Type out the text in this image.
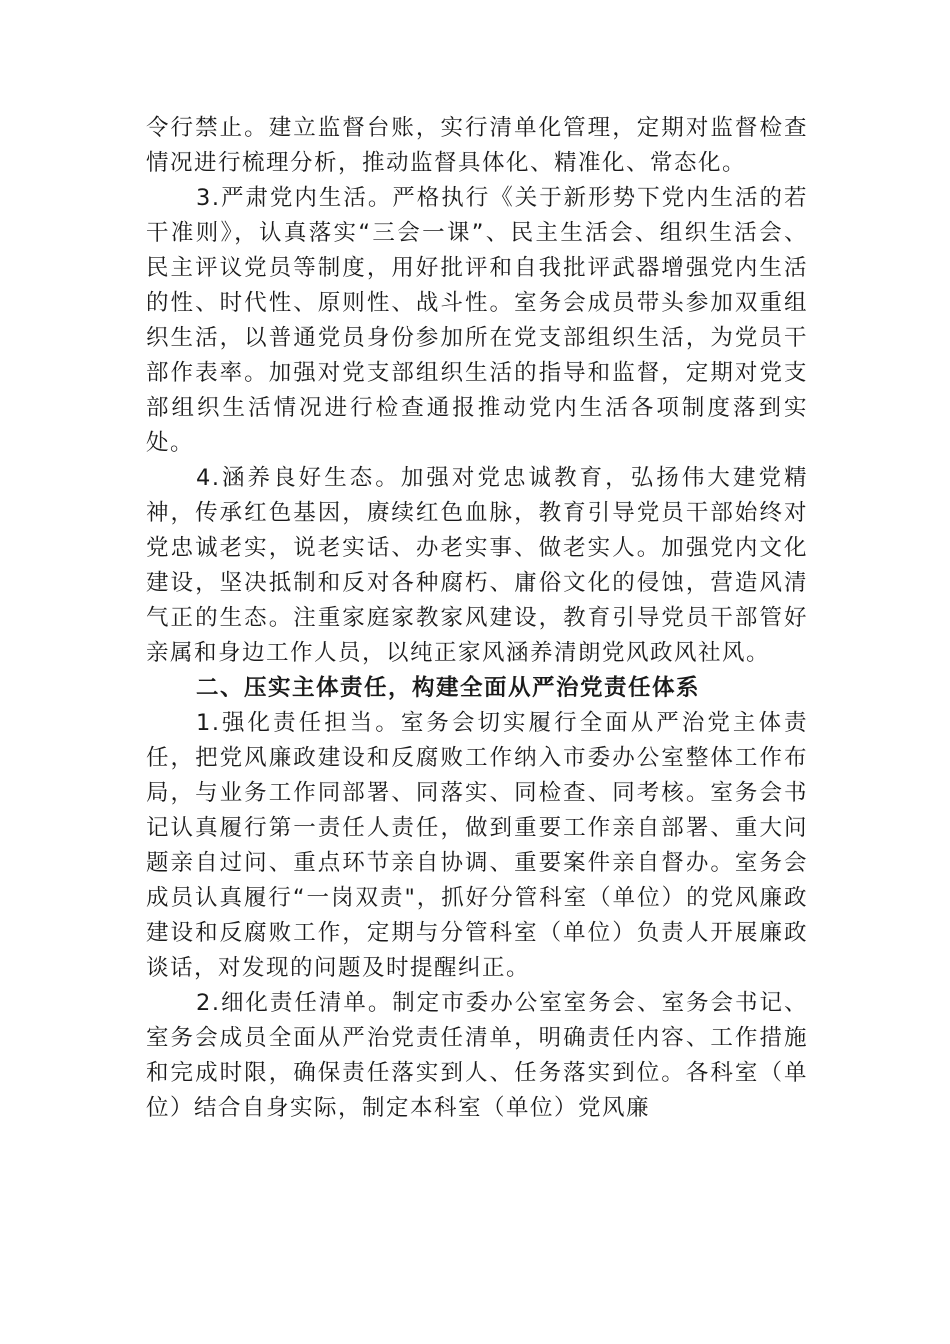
令行禁止。建立监督台账，实行清单化管理，定期对监督检查情况进行梳理分析，推动监督具体化、精准化、常态化。

3.严肃党内生活。严格执行《关于新形势下党内生活的若干准则》，认真落实“三会一课”、民主生活会、组织生活会、民主评议党员等制度，用好批评和自我批评武器增强党内生活的性、时代性、原则性、战斗性。室务会成员带头参加双重组织生活，以普通党员身份参加所在党支部组织生活，为党员干部作表率。加强对党支部组织生活的指导和监督，定期对党支部组织生活情况进行检查通报推动党内生活各项制度落到实处。

4.涵养良好生态。加强对党忠诚教育，弘扬伟大建党精神，传承红色基因，赓续红色血脉，教育引导党员干部始终对党忠诚老实，说老实话、办老实事、做老实人。加强党内文化建设，坚决抵制和反对各种腐朽、庸俗文化的侵蚀，营造风清气正的生态。注重家庭家教家风建设，教育引导党员干部管好亲属和身边工作人员，以纯正家风涵养清朗党风政风社风。

二、压实主体责任，构建全面从严治党责任体系

1.强化责任担当。室务会切实履行全面从严治党主体责任，把党风廉政建设和反腐败工作纳入市委办公室整体工作布局，与业务工作同部署、同落实、同检查、同考核。室务会书记认真履行第一责任人责任，做到重要工作亲自部署、重大问题亲自过问、重点环节亲自协调、重要案件亲自督办。室务会成员认真履行“一岗双责"，抓好分管科室（单位）的党风廉政建设和反腐败工作，定期与分管科室（单位）负责人开展廉政谈话，对发现的问题及时提醒纠正。

2.细化责任清单。制定市委办公室室务会、室务会书记、室务会成员全面从严治党责任清单，明确责任内容、工作措施和完成时限，确保责任落实到人、任务落实到位。各科室（单位）结合自身实际，制定本科室（单位）党风廉
